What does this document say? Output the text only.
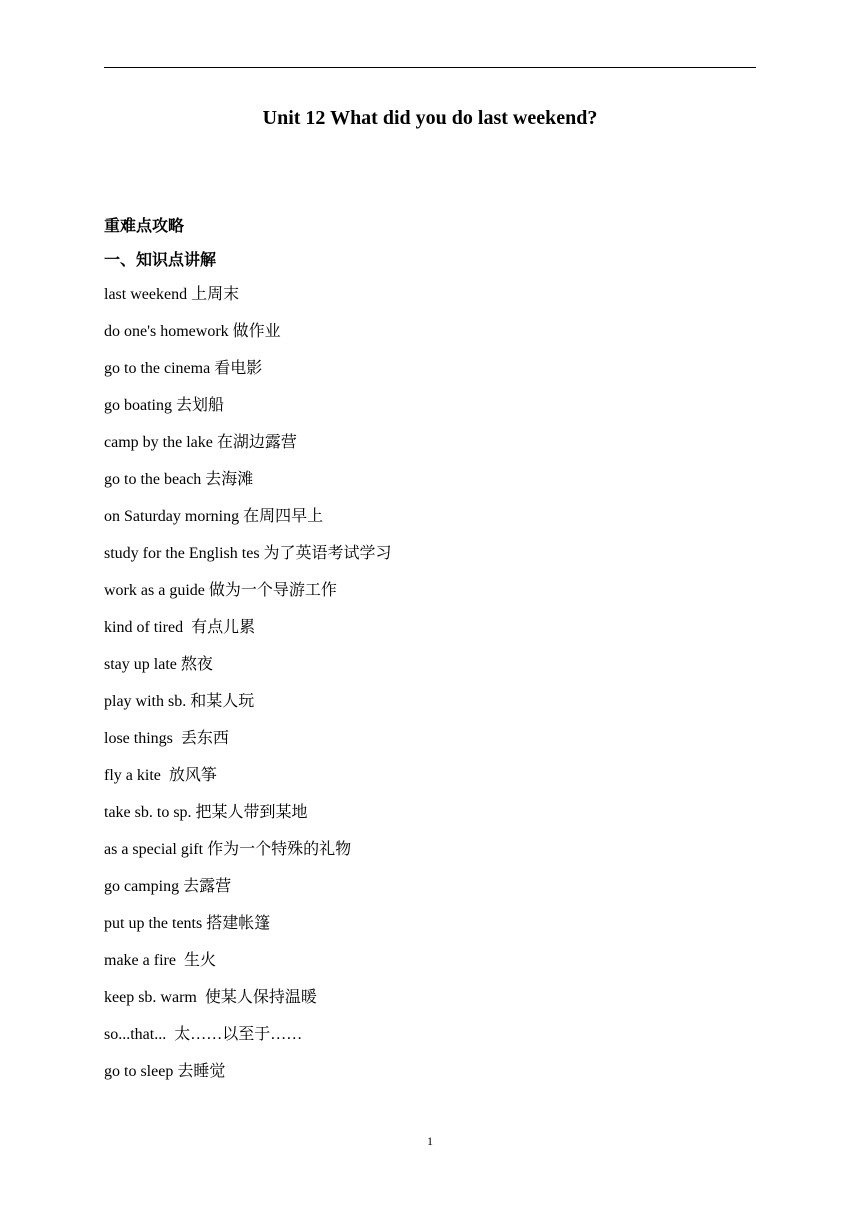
Unit 12 What did you do last weekend?
重难点攻略
一、知识点讲解
last weekend 上周末
do one's homework 做作业
go to the cinema 看电影
go boating 去划船
camp by the lake 在湖边露营
go to the beach 去海滩
on Saturday morning 在周四早上
study for the English tes 为了英语考试学习
work as a guide 做为一个导游工作
kind of tired  有点儿累
stay up late 熬夜
play with sb. 和某人玩
lose things  丢东西
fly a kite  放风筝
take sb. to sp. 把某人带到某地
as a special gift 作为一个特殊的礼物
go camping 去露营
put up the tents 搭建帐篷
make a fire  生火
keep sb. warm  使某人保持温暖
so...that...  太……以至于……
go to sleep 去睡觉
1
